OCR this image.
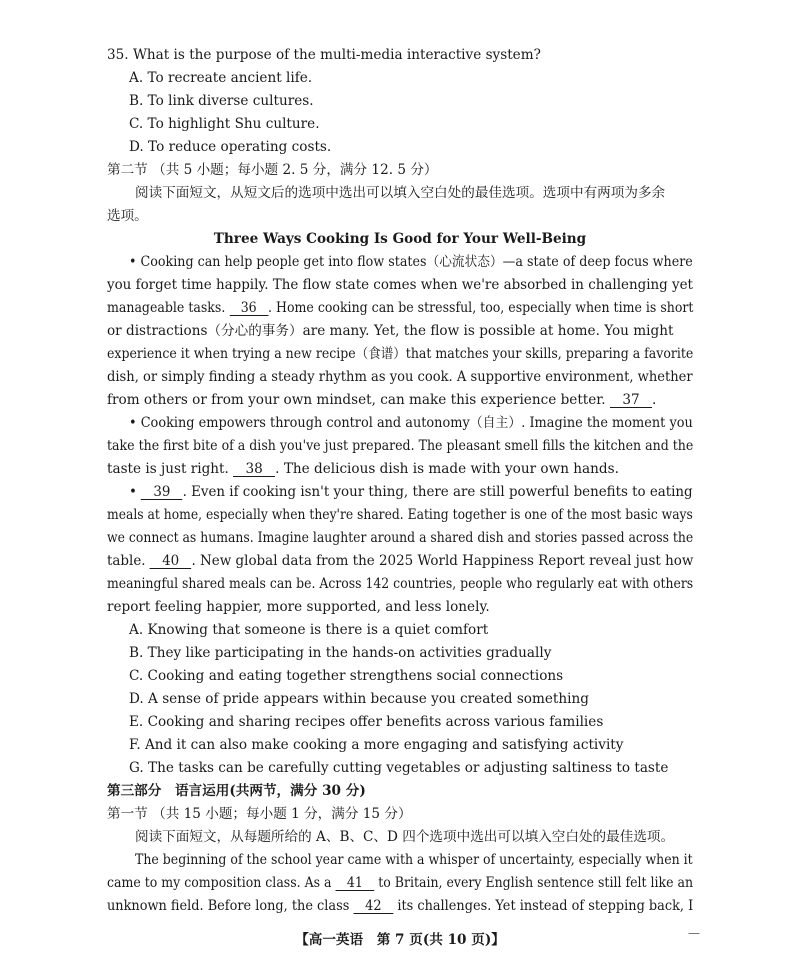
35. What is the purpose of the multi-media interactive system?
A. To recreate ancient life.
B. To link diverse cultures.
C. To highlight Shu culture.
D. To reduce operating costs.
第二节 （共 5 小题；每小题 2. 5 分，满分 12. 5 分）
阅读下面短文，从短文后的选项中选出可以填入空白处的最佳选项。选项中有两项为多余
选项。
Three Ways Cooking Is Good for Your Well-Being
• Cooking can help people get into flow states（心流状态）—a state of deep focus where
you forget time happily. The flow state comes when we're absorbed in challenging yet
manageable tasks. 36 . Home cooking can be stressful, too, especially when time is short
or distractions（分心的事务）are many. Yet, the flow is possible at home. You might
experience it when trying a new recipe（食谱）that matches your skills, preparing a favorite
dish, or simply finding a steady rhythm as you cook. A supportive environment, whether
from others or from your own mindset, can make this experience better. 37 .
• Cooking empowers through control and autonomy（自主）. Imagine the moment you
take the first bite of a dish you've just prepared. The pleasant smell fills the kitchen and the
taste is just right. 38 . The delicious dish is made with your own hands.
• 39 . Even if cooking isn't your thing, there are still powerful benefits to eating
meals at home, especially when they're shared. Eating together is one of the most basic ways
we connect as humans. Imagine laughter around a shared dish and stories passed across the
table. 40 . New global data from the 2025 World Happiness Report reveal just how
meaningful shared meals can be. Across 142 countries, people who regularly eat with others
report feeling happier, more supported, and less lonely.
A. Knowing that someone is there is a quiet comfort
B. They like participating in the hands-on activities gradually
C. Cooking and eating together strengthens social connections
D. A sense of pride appears within because you created something
E. Cooking and sharing recipes offer benefits across various families
F. And it can also make cooking a more engaging and satisfying activity
G. The tasks can be carefully cutting vegetables or adjusting saltiness to taste
第三部分　语言运用(共两节，满分 30 分)
第一节 （共 15 小题；每小题 1 分，满分 15 分）
阅读下面短文，从每题所给的 A、B、C、D 四个选项中选出可以填入空白处的最佳选项。
The beginning of the school year came with a whisper of uncertainty, especially when it
came to my composition class. As a 41 to Britain, every English sentence still felt like an
unknown field. Before long, the class 42 its challenges. Yet instead of stepping back, I
【高一英语　第 7 页(共 10 页)】	—
